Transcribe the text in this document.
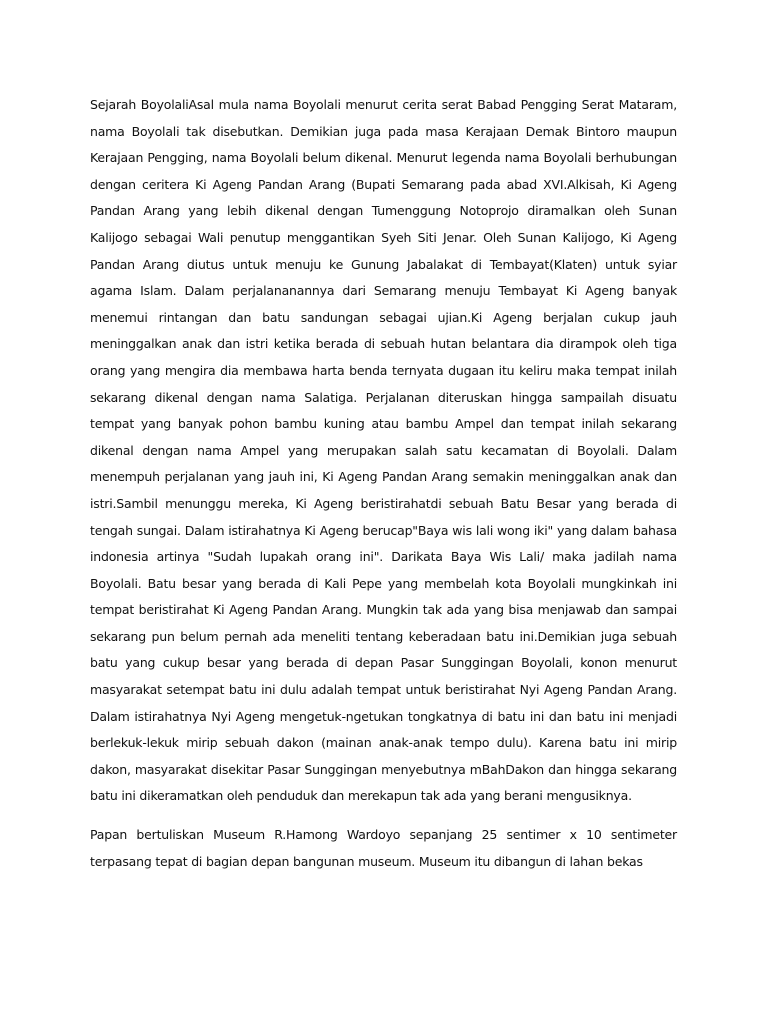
Sejarah BoyolaliAsal mula nama Boyolali menurut cerita serat Babad Pengging Serat Mataram, nama Boyolali tak disebutkan. Demikian juga pada masa Kerajaan Demak Bintoro maupun Kerajaan Pengging, nama Boyolali belum dikenal. Menurut legenda nama Boyolali berhubungan dengan ceritera Ki Ageng Pandan Arang (Bupati Semarang pada abad XVI.Alkisah, Ki Ageng Pandan Arang yang lebih dikenal dengan Tumenggung Notoprojo diramalkan oleh Sunan Kalijogo sebagai Wali penutup menggantikan Syeh Siti Jenar. Oleh Sunan Kalijogo, Ki Ageng Pandan Arang diutus untuk menuju ke Gunung Jabalakat di Tembayat(Klaten) untuk syiar agama Islam. Dalam perjalananannya dari Semarang menuju Tembayat Ki Ageng banyak menemui rintangan dan batu sandungan sebagai ujian.Ki Ageng berjalan cukup jauh meninggalkan anak dan istri ketika berada di sebuah hutan belantara dia dirampok oleh tiga orang yang mengira dia membawa harta benda ternyata dugaan itu keliru maka tempat inilah sekarang dikenal dengan nama Salatiga. Perjalanan diteruskan hingga sampailah disuatu tempat yang banyak pohon bambu kuning atau bambu Ampel dan tempat inilah sekarang dikenal dengan nama Ampel yang merupakan salah satu kecamatan di Boyolali. Dalam menempuh perjalanan yang jauh ini, Ki Ageng Pandan Arang semakin meninggalkan anak dan istri.Sambil menunggu mereka, Ki Ageng beristirahatdi sebuah Batu Besar yang berada di tengah sungai. Dalam istirahatnya Ki Ageng berucap"Baya wis lali wong iki" yang dalam bahasa indonesia artinya "Sudah lupakah orang ini". Darikata Baya Wis Lali/ maka jadilah nama Boyolali. Batu besar yang berada di Kali Pepe yang membelah kota Boyolali mungkinkah ini tempat beristirahat Ki Ageng Pandan Arang. Mungkin tak ada yang bisa menjawab dan sampai sekarang pun belum pernah ada meneliti tentang keberadaan batu ini.Demikian juga sebuah batu yang cukup besar yang berada di depan Pasar Sunggingan Boyolali, konon menurut masyarakat setempat batu ini dulu adalah tempat untuk beristirahat Nyi Ageng Pandan Arang. Dalam istirahatnya Nyi Ageng mengetuk-ngetukan tongkatnya di batu ini dan batu ini menjadi berlekuk-lekuk mirip sebuah dakon (mainan anak-anak tempo dulu). Karena batu ini mirip dakon, masyarakat disekitar Pasar Sunggingan menyebutnya mBahDakon dan hingga sekarang batu ini dikeramatkan oleh penduduk dan merekapun tak ada yang berani mengusiknya.

Papan bertuliskan Museum R.Hamong Wardoyo sepanjang 25 sentimer x 10 sentimeter terpasang tepat di bagian depan bangunan museum. Museum itu dibangun di lahan bekas
